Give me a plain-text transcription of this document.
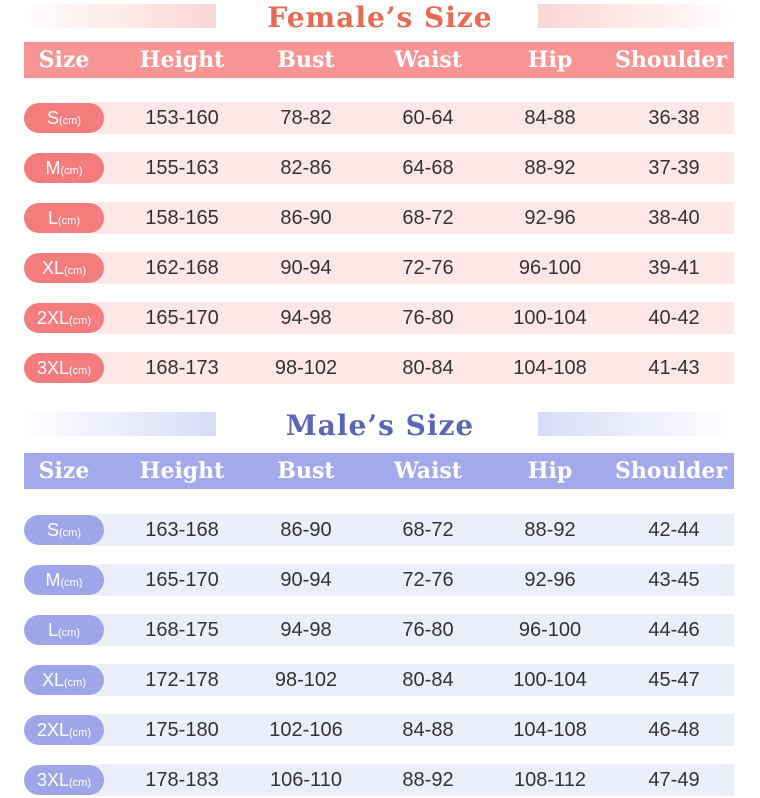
Female’s Size
Size	Height	Bust	Waist	Hip	Shoulder
S(cm)	153-160	78-82	60-64	84-88	36-38
M(cm)	155-163	82-86	64-68	88-92	37-39
L(cm)	158-165	86-90	68-72	92-96	38-40
XL(cm)	162-168	90-94	72-76	96-100	39-41
2XL(cm)	165-170	94-98	76-80	100-104	40-42
3XL(cm)	168-173	98-102	80-84	104-108	41-43
Male’s Size
Size	Height	Bust	Waist	Hip	Shoulder
S(cm)	163-168	86-90	68-72	88-92	42-44
M(cm)	165-170	90-94	72-76	92-96	43-45
L(cm)	168-175	94-98	76-80	96-100	44-46
XL(cm)	172-178	98-102	80-84	100-104	45-47
2XL(cm)	175-180	102-106	84-88	104-108	46-48
3XL(cm)	178-183	106-110	88-92	108-112	47-49
